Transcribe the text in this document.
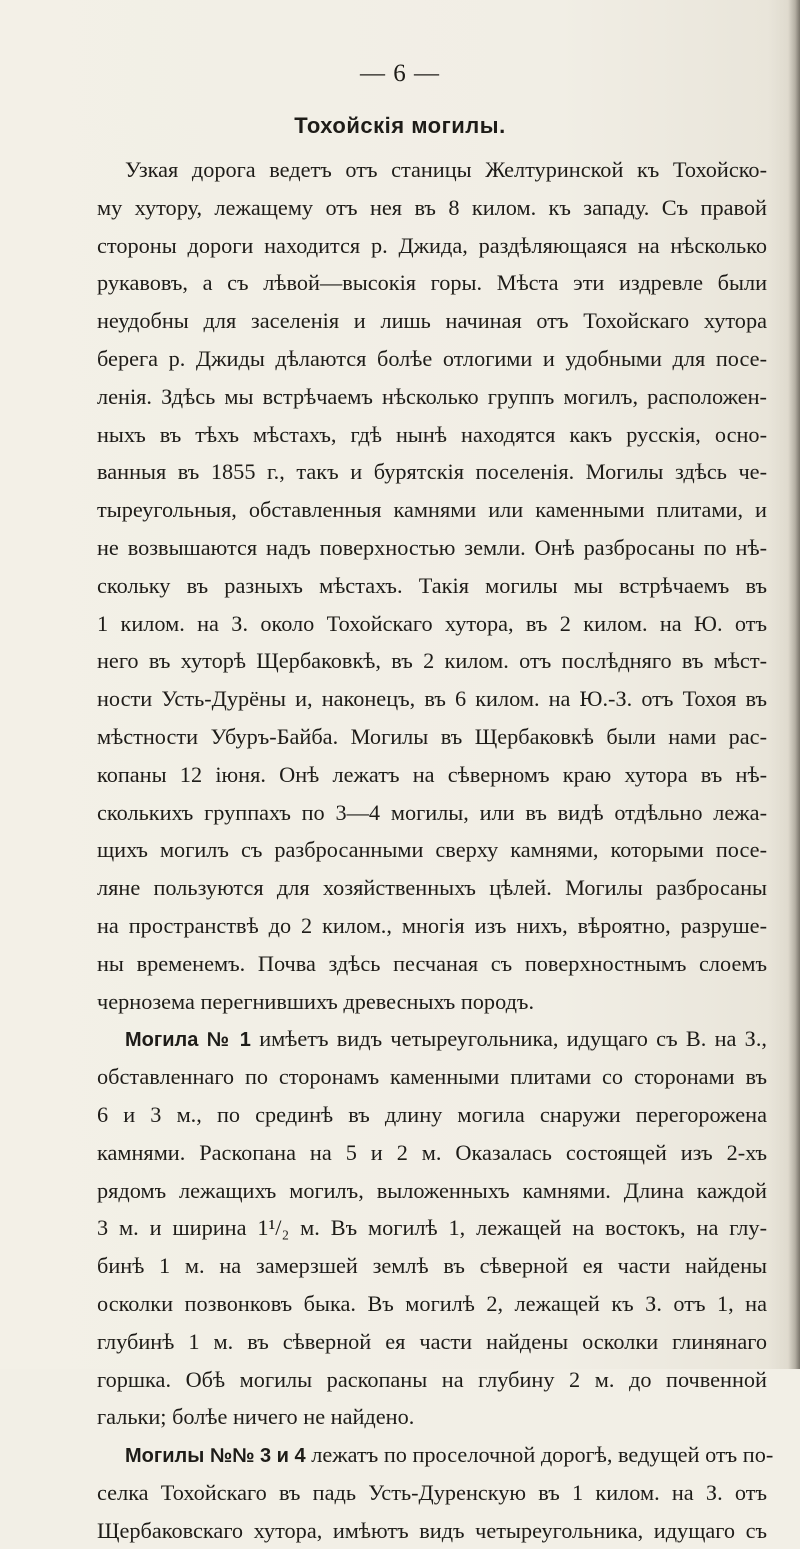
— 6 —
Тохойскія могилы.
Узкая дорога ведетъ отъ станицы Желтуринской къ Тохойско-
му хутору, лежащему отъ нея въ 8 килом. къ западу. Съ правой
стороны дороги находится р. Джида, раздѣляющаяся на нѣсколько
рукавовъ, а съ лѣвой—высокія горы. Мѣста эти издревле были
неудобны для заселенія и лишь начиная отъ Тохойскаго хутора
берега р. Джиды дѣлаются болѣе отлогими и удобными для посе-
ленія. Здѣсь мы встрѣчаемъ нѣсколько группъ могилъ, расположен-
ныхъ въ тѣхъ мѣстахъ, гдѣ нынѣ находятся какъ русскія, осно-
ванныя въ 1855 г., такъ и бурятскія поселенія. Могилы здѣсь че-
тыреугольныя, обставленныя камнями или каменными плитами, и
не возвышаются надъ поверхностью земли. Онѣ разбросаны по нѣ-
скольку въ разныхъ мѣстахъ. Такія могилы мы встрѣчаемъ въ
1 килом. на З. около Тохойскаго хутора, въ 2 килом. на Ю. отъ
него въ хуторѣ Щербаковкѣ, въ 2 килом. отъ послѣдняго въ мѣст-
ности Усть-Дурёны и, наконецъ, въ 6 килом. на Ю.-З. отъ Тохоя въ
мѣстности Убуръ-Байба. Могилы въ Щербаковкѣ были нами рас-
копаны 12 іюня. Онѣ лежатъ на сѣверномъ краю хутора въ нѣ-
сколькихъ группахъ по 3—4 могилы, или въ видѣ отдѣльно лежа-
щихъ могилъ съ разбросанными сверху камнями, которыми посе-
ляне пользуются для хозяйственныхъ цѣлей. Могилы разбросаны
на пространствѣ до 2 килом., многія изъ нихъ, вѣроятно, разруше-
ны временемъ. Почва здѣсь песчаная съ поверхностнымъ слоемъ
чернозема перегнившихъ древесныхъ породъ.
Могила № 1 имѣетъ видъ четыреугольника, идущаго съ В. на З.,
обставленнаго по сторонамъ каменными плитами со сторонами въ
6 и 3 м., по срединѣ въ длину могила снаружи перегорожена
камнями. Раскопана на 5 и 2 м. Оказалась состоящей изъ 2-хъ
рядомъ лежащихъ могилъ, выложенныхъ камнями. Длина каждой
3 м. и ширина 1¹/₂ м. Въ могилѣ 1, лежащей на востокъ, на глу-
бинѣ 1 м. на замерзшей землѣ въ сѣверной ея части найдены
осколки позвонковъ быка. Въ могилѣ 2, лежащей къ З. отъ 1, на
глубинѣ 1 м. въ сѣверной ея части найдены осколки глинянаго
горшка. Обѣ могилы раскопаны на глубину 2 м. до почвенной
гальки; болѣе ничего не найдено.
Могилы №№ 3 и 4 лежатъ по проселочной дорогѣ, ведущей отъ по-
селка Тохойскаго въ падь Усть-Дуренскую въ 1 килом. на З. отъ
Щербаковскаго хутора, имѣютъ видъ четыреугольника, идущаго съ
